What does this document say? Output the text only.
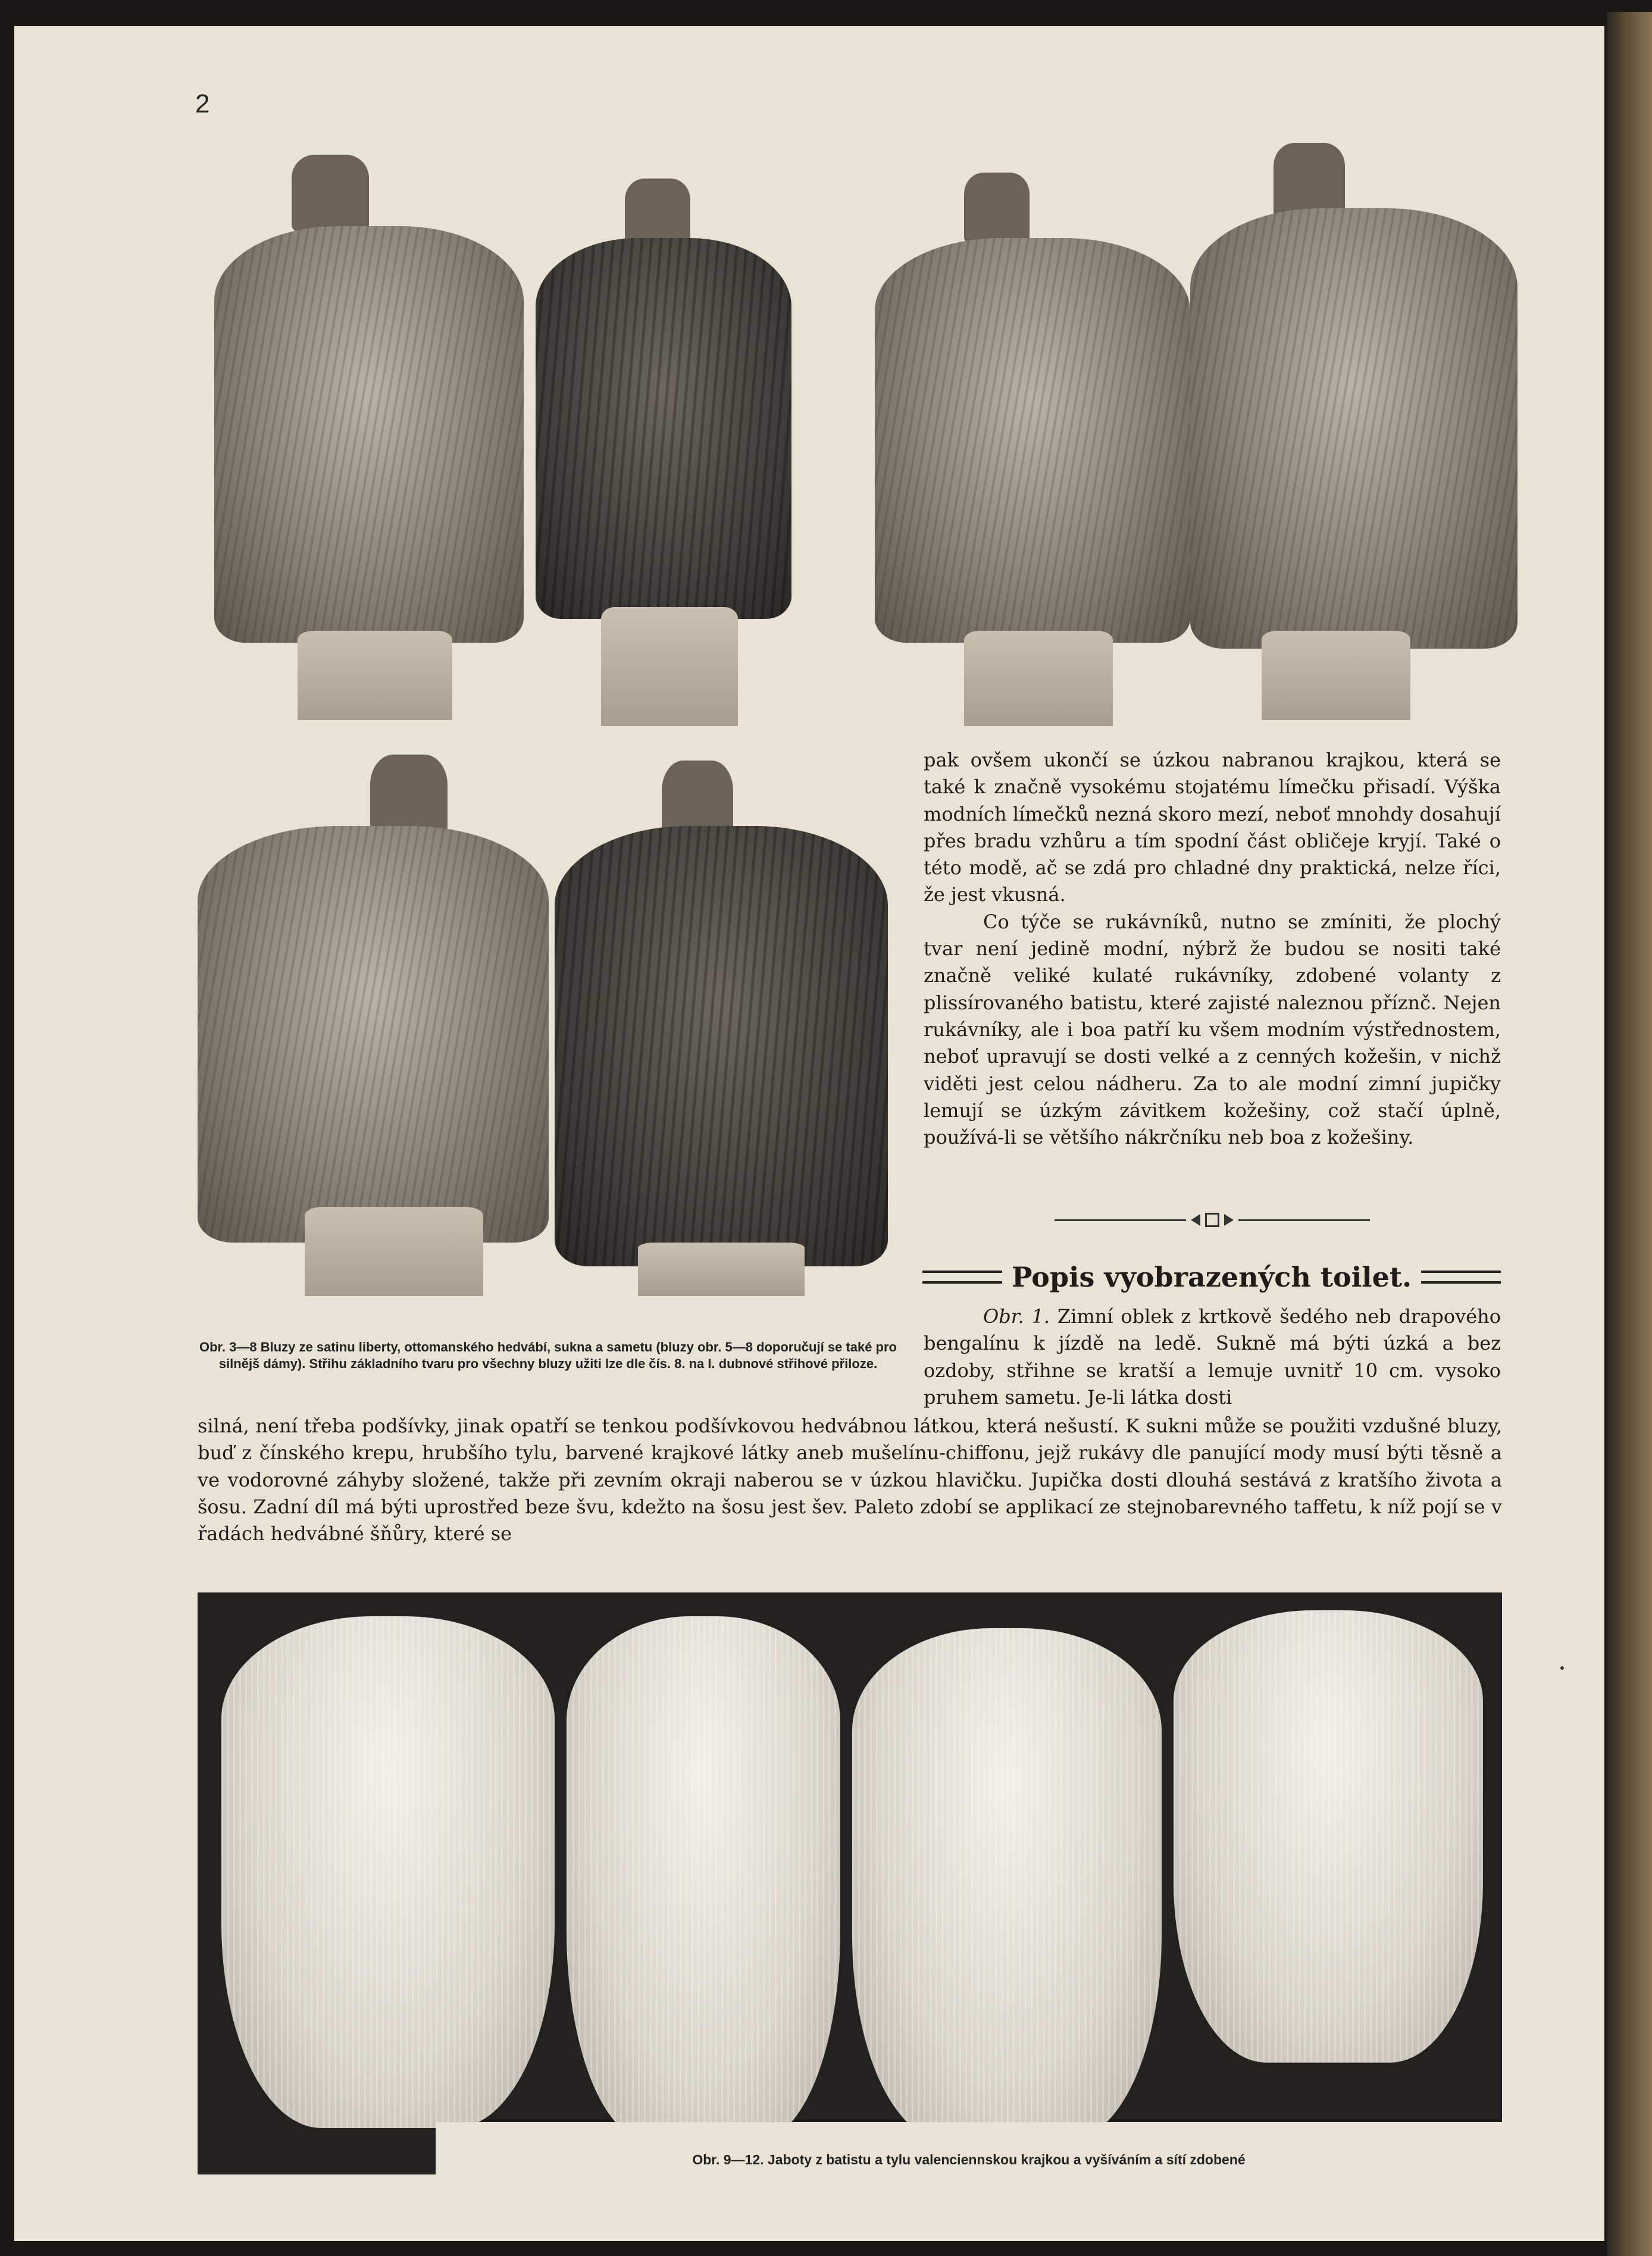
2
Obr. 3—8 Bluzy ze satinu liberty, ottomanského hedvábí, sukna a sametu (bluzy obr. 5—8 doporučují se také pro silnějš dámy). Střihu základního tvaru pro všechny bluzy užiti lze dle čís. 8. na I. dubnové střihové přiloze.

pak ovšem ukončí se úzkou nabranou krajkou, která se také k značně vysokému stojatému límečku přisadí. Výška modních límečků nezná skoro mezí, neboť mnohdy dosahují přes bradu vzhůru a tím spodní část obličeje kryjí. Také o této modě, ač se zdá pro chladné dny praktická, nelze říci, že jest vkusná.
Co týče se rukávníků, nutno se zmíniti, že plochý tvar není jedině modní, nýbrž že budou se nositi také značně veliké kulaté rukávníky, zdobené volanty z plissírovaného batistu, které zajisté naleznou příznč. Nejen rukávníky, ale i boa patří ku všem modním výstřednostem, neboť upravují se dosti velké a z cenných kožešin, v nichž viděti jest celou nádheru. Za to ale modní zimní jupičky lemují se úzkým závitkem kožešiny, což stačí úplně, používá-li se většího nákrčníku neb boa z kožešiny.

Popis vyobrazených toilet.

Obr. 1. Zimní oblek z krtkově šedého neb drapového bengalínu k jízdě na ledě. Sukně má býti úzká a bez ozdoby, střihne se kratší a lemuje uvnitř 10 cm. vysoko pruhem sametu. Je-li látka dosti

silná, není třeba podšívky, jinak opatří se tenkou podšívkovou hedvábnou látkou, která nešustí. K sukni může se použiti vzdušné bluzy, buď z čínského krepu, hrubšího tylu, barvené krajkové látky aneb mušelínu-chiffonu, jejž rukávy dle panující mody musí býti těsně a ve vodorovné záhyby složené, takže při zevním okraji naberou se v úzkou hlavičku. Jupička dosti dlouhá sestává z kratšího života a šosu. Zadní díl má býti uprostřed beze švu, kdežto na šosu jest šev. Paleto zdobí se applikací ze stejnobarevného taffetu, k níž pojí se v řadách hedvábné šňůry, které se

Obr. 9—12. Jaboty z batistu a tylu valenciennskou krajkou a vyšíváním a sítí zdobené
